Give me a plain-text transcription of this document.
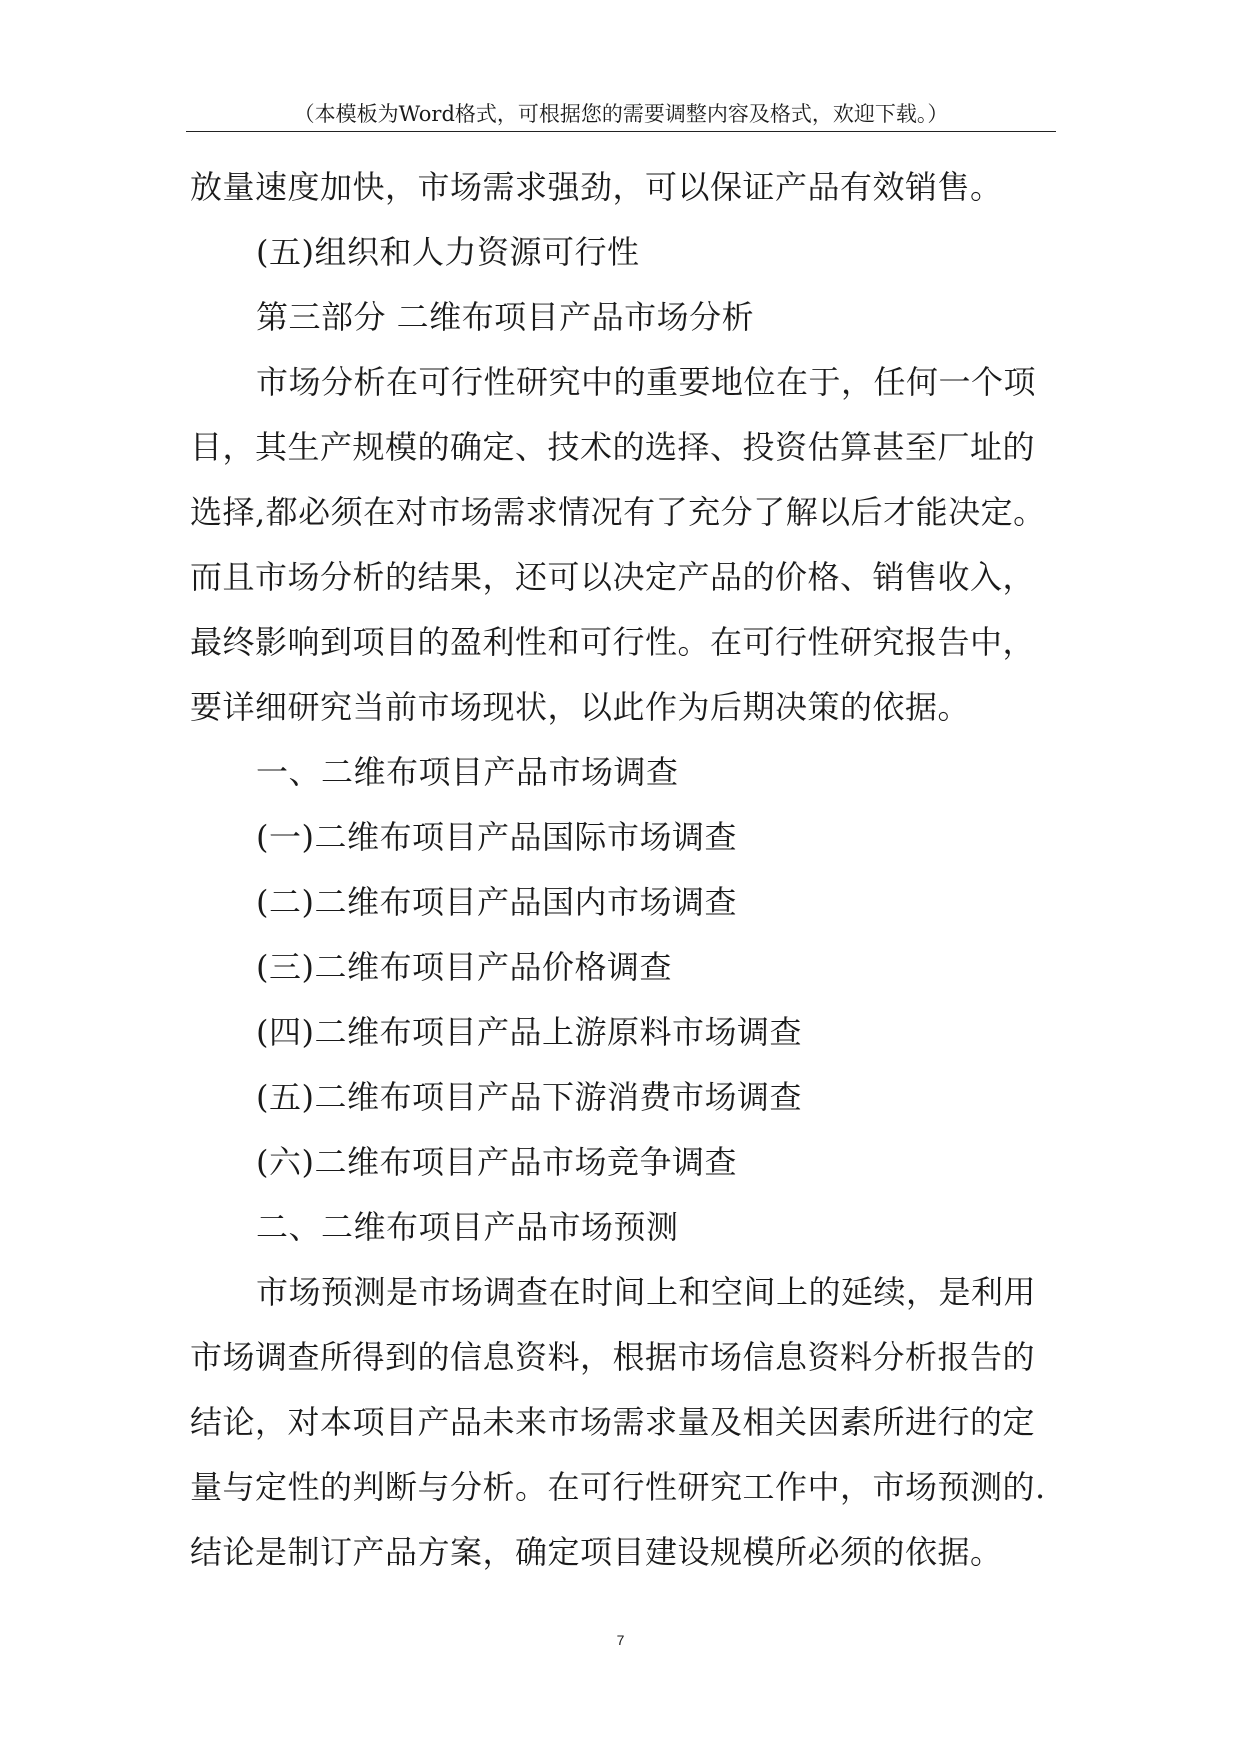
（本模板为Word格式，可根据您的需要调整内容及格式，欢迎下载。）
放量速度加快，市场需求强劲，可以保证产品有效销售。
(五)组织和人力资源可行性
第三部分 二维布项目产品市场分析
市场分析在可行性研究中的重要地位在于，任何一个项
目，其生产规模的确定、技术的选择、投资估算甚至厂址的
选择,都必须在对市场需求情况有了充分了解以后才能决定。
而且市场分析的结果，还可以决定产品的价格、销售收入，
最终影响到项目的盈利性和可行性。在可行性研究报告中，
要详细研究当前市场现状，以此作为后期决策的依据。
一、二维布项目产品市场调查
(一)二维布项目产品国际市场调查
(二)二维布项目产品国内市场调查
(三)二维布项目产品价格调查
(四)二维布项目产品上游原料市场调查
(五)二维布项目产品下游消费市场调查
(六)二维布项目产品市场竞争调查
二、二维布项目产品市场预测
市场预测是市场调查在时间上和空间上的延续，是利用
市场调查所得到的信息资料，根据市场信息资料分析报告的
结论，对本项目产品未来市场需求量及相关因素所进行的定
量与定性的判断与分析。在可行性研究工作中，市场预测的.
结论是制订产品方案，确定项目建设规模所必须的依据。
7
